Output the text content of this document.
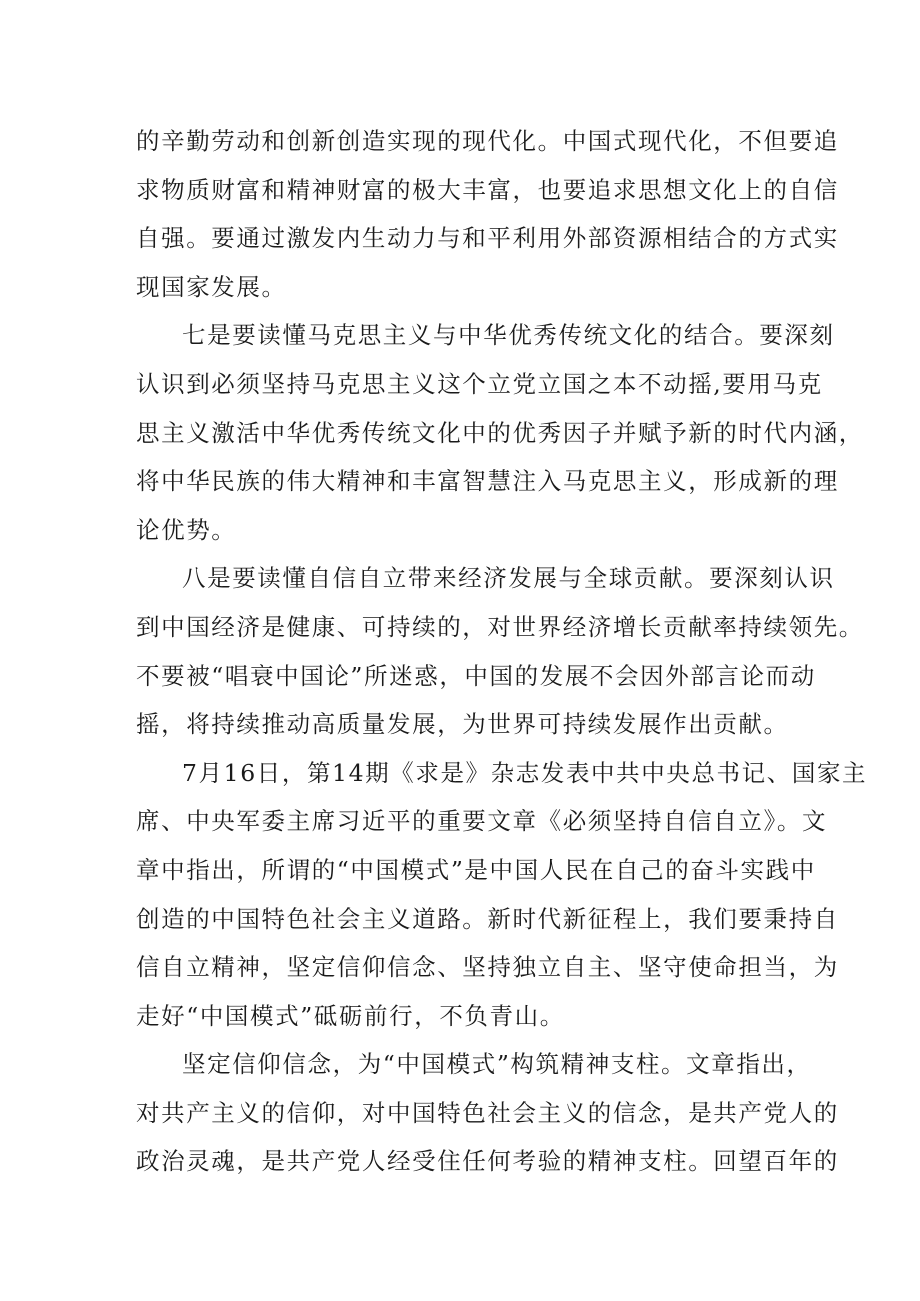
的辛勤劳动和创新创造实现的现代化。中国式现代化，不但要追
求物质财富和精神财富的极大丰富，也要追求思想文化上的自信
自强。要通过激发内生动力与和平利用外部资源相结合的方式实
现国家发展。
七是要读懂马克思主义与中华优秀传统文化的结合。要深刻
认识到必须坚持马克思主义这个立党立国之本不动摇,要用马克
思主义激活中华优秀传统文化中的优秀因子并赋予新的时代内涵，
将中华民族的伟大精神和丰富智慧注入马克思主义，形成新的理
论优势。
八是要读懂自信自立带来经济发展与全球贡献。要深刻认识
到中国经济是健康、可持续的，对世界经济增长贡献率持续领先。
不要被“唱衰中国论”所迷惑，中国的发展不会因外部言论而动
摇，将持续推动高质量发展，为世界可持续发展作出贡献。
7月16日，第14期《求是》杂志发表中共中央总书记、国家主
席、中央军委主席习近平的重要文章《必须坚持自信自立》。文
章中指出，所谓的“中国模式”是中国人民在自己的奋斗实践中
创造的中国特色社会主义道路。新时代新征程上，我们要秉持自
信自立精神，坚定信仰信念、坚持独立自主、坚守使命担当，为
走好“中国模式”砥砺前行，不负青山。
坚定信仰信念，为“中国模式”构筑精神支柱。文章指出，
对共产主义的信仰，对中国特色社会主义的信念，是共产党人的
政治灵魂，是共产党人经受住任何考验的精神支柱。回望百年的
